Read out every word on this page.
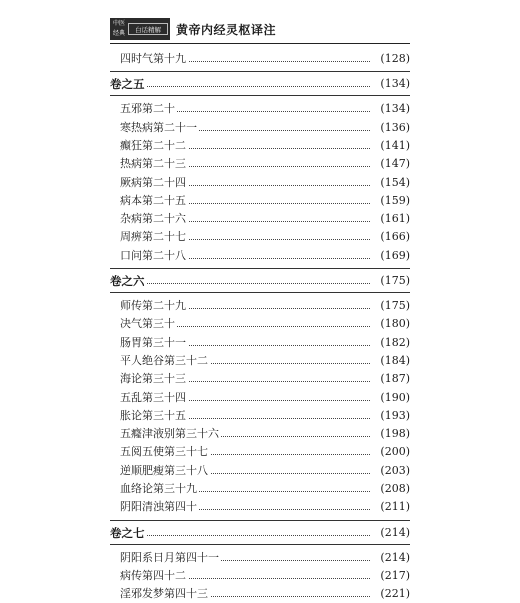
中医经典	白话精解	黄帝内经灵枢译注
四时气第十九	(128)
卷之五	(134)
五邪第二十	(134)
寒热病第二十一	(136)
癫狂第二十二	(141)
热病第二十三	(147)
厥病第二十四	(154)
病本第二十五	(159)
杂病第二十六	(161)
周痹第二十七	(166)
口问第二十八	(169)
卷之六	(175)
师传第二十九	(175)
决气第三十	(180)
肠胃第三十一	(182)
平人绝谷第三十二	(184)
海论第三十三	(187)
五乱第三十四	(190)
胀论第三十五	(193)
五癃津液别第三十六	(198)
五阅五使第三十七	(200)
逆顺肥瘦第三十八	(203)
血络论第三十九	(208)
阴阳清浊第四十	(211)
卷之七	(214)
阴阳系日月第四十一	(214)
病传第四十二	(217)
淫邪发梦第四十三	(221)
